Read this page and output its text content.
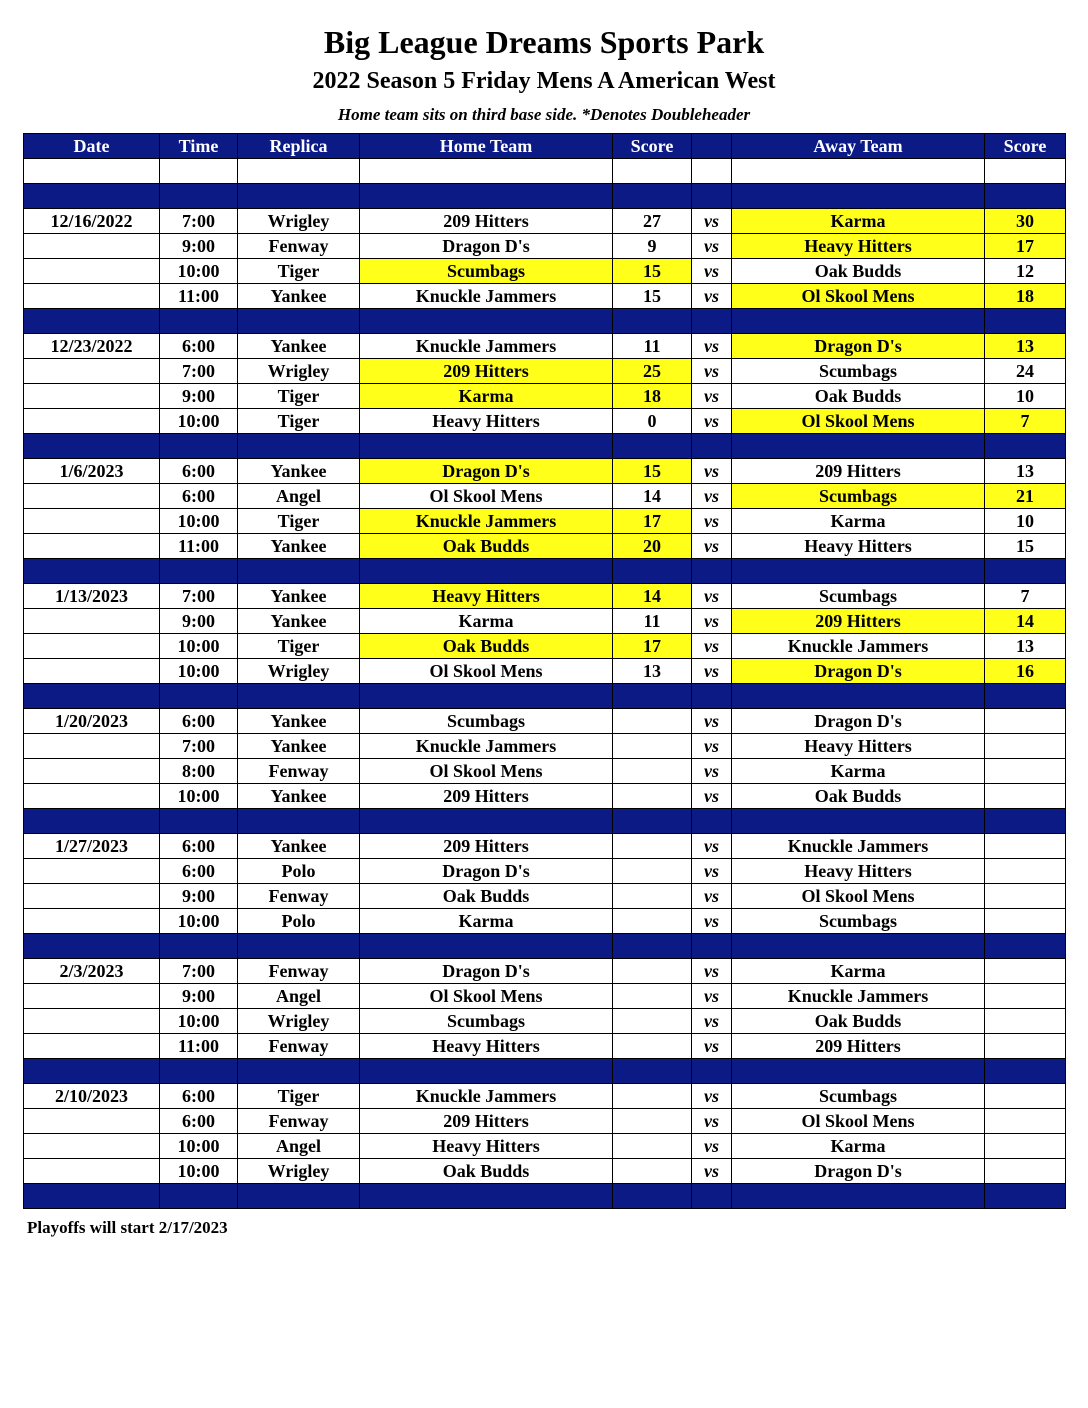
Big League Dreams Sports Park
2022 Season 5 Friday Mens A American West
Home team sits on third base side. *Denotes Doubleheader
Date	Time	Replica	Home Team	Score		Away Team	Score

12/16/2022	7:00	Wrigley	209 Hitters	27	vs	Karma	30
	9:00	Fenway	Dragon D's	9	vs	Heavy Hitters	17
	10:00	Tiger	Scumbags	15	vs	Oak Budds	12
	11:00	Yankee	Knuckle Jammers	15	vs	Ol Skool Mens	18

12/23/2022	6:00	Yankee	Knuckle Jammers	11	vs	Dragon D's	13
	7:00	Wrigley	209 Hitters	25	vs	Scumbags	24
	9:00	Tiger	Karma	18	vs	Oak Budds	10
	10:00	Tiger	Heavy Hitters	0	vs	Ol Skool Mens	7

1/6/2023	6:00	Yankee	Dragon D's	15	vs	209 Hitters	13
	6:00	Angel	Ol Skool Mens	14	vs	Scumbags	21
	10:00	Tiger	Knuckle Jammers	17	vs	Karma	10
	11:00	Yankee	Oak Budds	20	vs	Heavy Hitters	15

1/13/2023	7:00	Yankee	Heavy Hitters	14	vs	Scumbags	7
	9:00	Yankee	Karma	11	vs	209 Hitters	14
	10:00	Tiger	Oak Budds	17	vs	Knuckle Jammers	13
	10:00	Wrigley	Ol Skool Mens	13	vs	Dragon D's	16

1/20/2023	6:00	Yankee	Scumbags		vs	Dragon D's	
	7:00	Yankee	Knuckle Jammers		vs	Heavy Hitters	
	8:00	Fenway	Ol Skool Mens		vs	Karma	
	10:00	Yankee	209 Hitters		vs	Oak Budds	

1/27/2023	6:00	Yankee	209 Hitters		vs	Knuckle Jammers	
	6:00	Polo	Dragon D's		vs	Heavy Hitters	
	9:00	Fenway	Oak Budds		vs	Ol Skool Mens	
	10:00	Polo	Karma		vs	Scumbags	

2/3/2023	7:00	Fenway	Dragon D's		vs	Karma	
	9:00	Angel	Ol Skool Mens		vs	Knuckle Jammers	
	10:00	Wrigley	Scumbags		vs	Oak Budds	
	11:00	Fenway	Heavy Hitters		vs	209 Hitters	

2/10/2023	6:00	Tiger	Knuckle Jammers		vs	Scumbags	
	6:00	Fenway	209 Hitters		vs	Ol Skool Mens	
	10:00	Angel	Heavy Hitters		vs	Karma	
	10:00	Wrigley	Oak Budds		vs	Dragon D's	

Playoffs will start 2/17/2023
